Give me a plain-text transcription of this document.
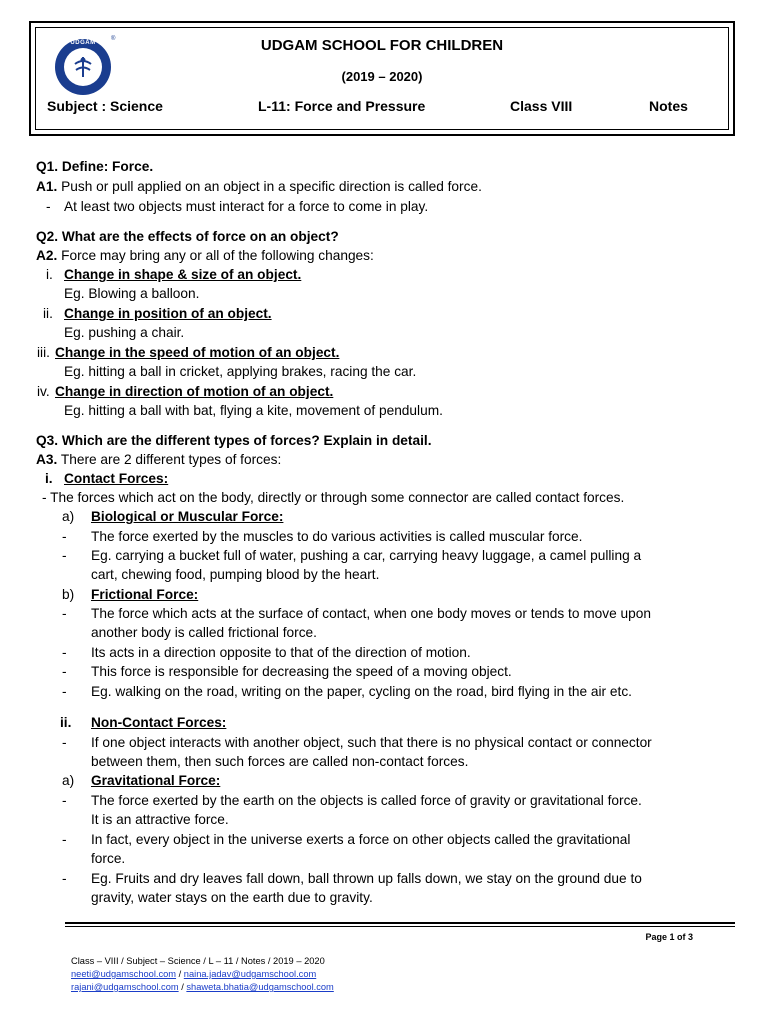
UDGAM
®	UDGAM SCHOOL FOR CHILDREN
(2019 – 2020)
Subject : Science	L-11: Force and Pressure	Class VIII	Notes
Q1. Define: Force.
A1. Push or pull applied on an object in a specific direction is called force.
- At least two objects must interact for a force to come in play.
Q2. What are the effects of force on an object?
A2. Force may bring any or all of the following changes:
i. Change in shape & size of an object.
Eg. Blowing a balloon.
ii. Change in position of an object.
Eg. pushing a chair.
iii. Change in the speed of motion of an object.
Eg. hitting a ball in cricket, applying brakes, racing the car.
iv. Change in direction of motion of an object.
Eg. hitting a ball with bat, flying a kite, movement of pendulum.
Q3. Which are the different types of forces? Explain in detail.
A3. There are 2 different types of forces:
i. Contact Forces:
- The forces which act on the body, directly or through some connector are called contact forces.
a) Biological or Muscular Force:
- The force exerted by the muscles to do various activities is called muscular force.
- Eg. carrying a bucket full of water, pushing a car, carrying heavy luggage, a camel pulling a
cart, chewing food, pumping blood by the heart.
b) Frictional Force:
- The force which acts at the surface of contact, when one body moves or tends to move upon
another body is called frictional force.
- Its acts in a direction opposite to that of the direction of motion.
- This force is responsible for decreasing the speed of a moving object.
- Eg. walking on the road, writing on the paper, cycling on the road, bird flying in the air etc.
ii. Non-Contact Forces:
- If one object interacts with another object, such that there is no physical contact or connector
between them, then such forces are called non-contact forces.
a) Gravitational Force:
- The force exerted by the earth on the objects is called force of gravity or gravitational force.
It is an attractive force.
- In fact, every object in the universe exerts a force on other objects called the gravitational
force.
- Eg. Fruits and dry leaves fall down, ball thrown up falls down, we stay on the ground due to
gravity, water stays on the earth due to gravity.
Page 1 of 3
Class – VIII / Subject – Science / L – 11 / Notes / 2019 – 2020
neeti@udgamschool.com / naina.jadav@udgamschool.com
rajani@udgamschool.com / shaweta.bhatia@udgamschool.com
